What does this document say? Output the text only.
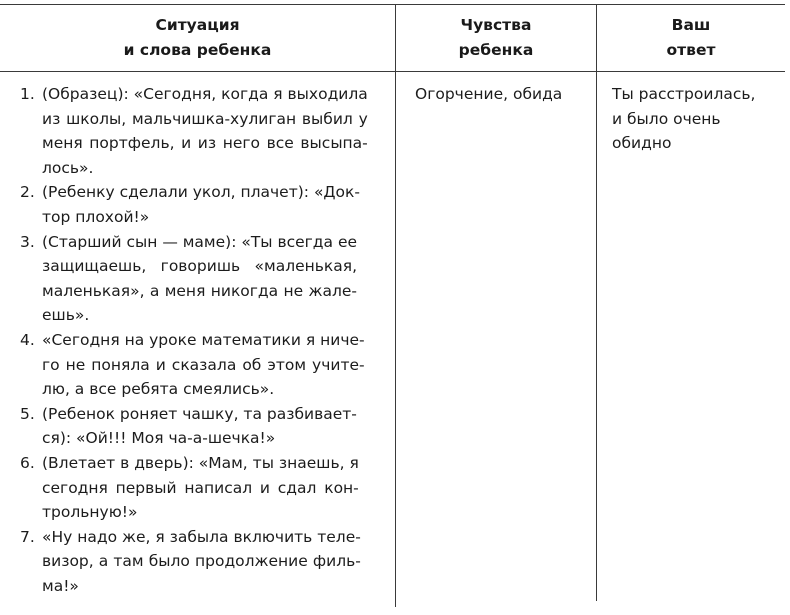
Ситуация
и слова ребенка
Чувства
ребенка
Ваш
ответ
1. (Образец): «Сегодня, когда я выходила
из школы, мальчишка-хулиган выбил у
меня портфель, и из него все высыпа-
лось».
2. (Ребенку сделали укол, плачет): «Док-
тор плохой!»
3. (Старший сын — маме): «Ты всегда ее
защищаешь, говоришь «маленькая,
маленькая», а меня никогда не жале-
ешь».
4. «Сегодня на уроке математики я ниче-
го не поняла и сказала об этом учите-
лю, а все ребята смеялись».
5. (Ребенок роняет чашку, та разбивает-
ся): «Ой!!! Моя ча-а-шечка!»
6. (Влетает в дверь): «Мам, ты знаешь, я
сегодня первый написал и сдал кон-
трольную!»
7. «Ну надо же, я забыла включить теле-
визор, а там было продолжение филь-
ма!»
Огорчение, обида	Ты расстроилась,
и было очень
обидно
